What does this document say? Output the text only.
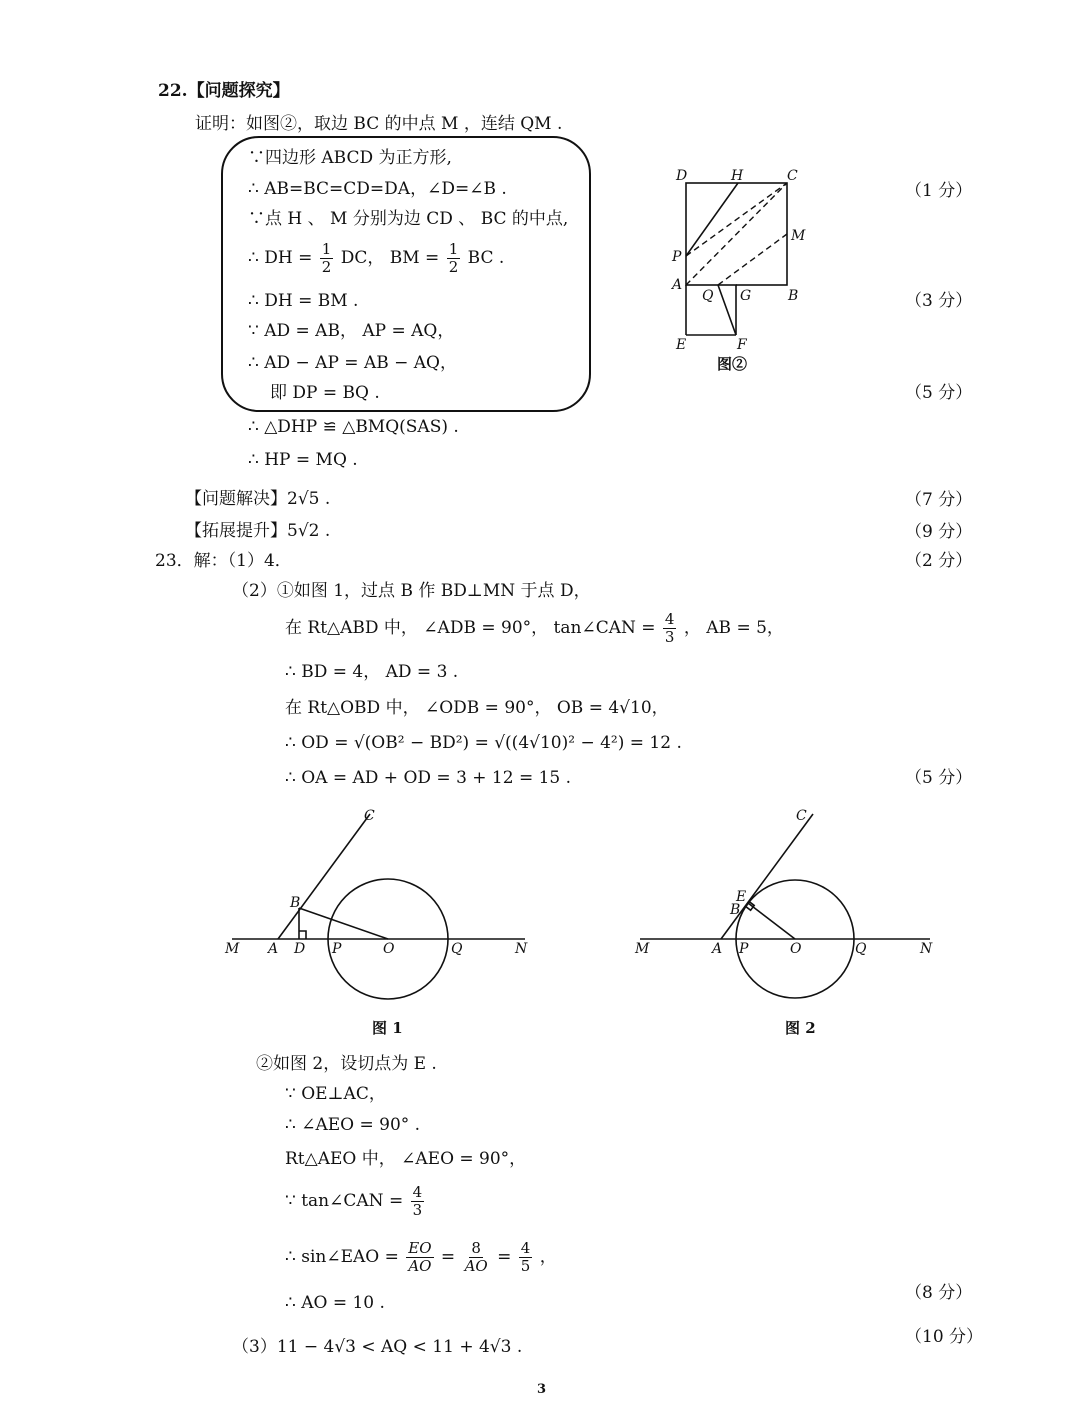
22.【问题探究】
证明：如图②，取边 BC 的中点 M ，连结 QM .
∵四边形 ABCD 为正方形,
∴ AB=BC=CD=DA，∠D=∠B .
∵点 H 、 M 分别为边 CD 、 BC 的中点,
∴ DH = $\frac{1}{2}$ DC， BM = $\frac{1}{2}$ BC .
∴ DH = BM .
∵ AD = AB， AP = AQ，
∴ AD − AP = AB − AQ，
即 DP = BQ .
∴ △DHP ≌ △BMQ(SAS) .
∴ HP = MQ .
【问题解决】2√5 .
【拓展提升】5√2 .
D	H	C
M
P
A
Q G	B
E	F
图②
23．解：（1）4．
（2）①如图 1，过点 B 作 BD⊥MN 于点 D，
在 Rt△ABD 中， ∠ADB = 90°， tan∠CAN = $\frac{4}{3}$ ， AB = 5，
∴ BD = 4， AD = 3 .
在 Rt△OBD 中， ∠ODB = 90°， OB = 4√10，
∴ OD = √(OB² − BD²) = √((4√10)² − 4²) = 12 .
∴ OA = AD + OD = 3 + 12 = 15 .
C
B
M A D P	O	Q	N
图 1
C
E
B
M	A P	O	Q	N
图 2
②如图 2，设切点为 E .
∵ OE⊥AC，
∴ ∠AEO = 90° .
Rt△AEO 中， ∠AEO = 90°，
∵ tan∠CAN = $\frac{4}{3}$
∴ sin∠EAO = $\frac{EO}{AO} = \frac{8}{AO} = \frac{4}{5}$ ，
∴ AO = 10 .
（3）11 − 4√3 < AQ < 11 + 4√3 .
（1 分）
（3 分）
（5 分）
（7 分）
（9 分）
（2 分）
（5 分）
（8 分）
（10 分）
3
